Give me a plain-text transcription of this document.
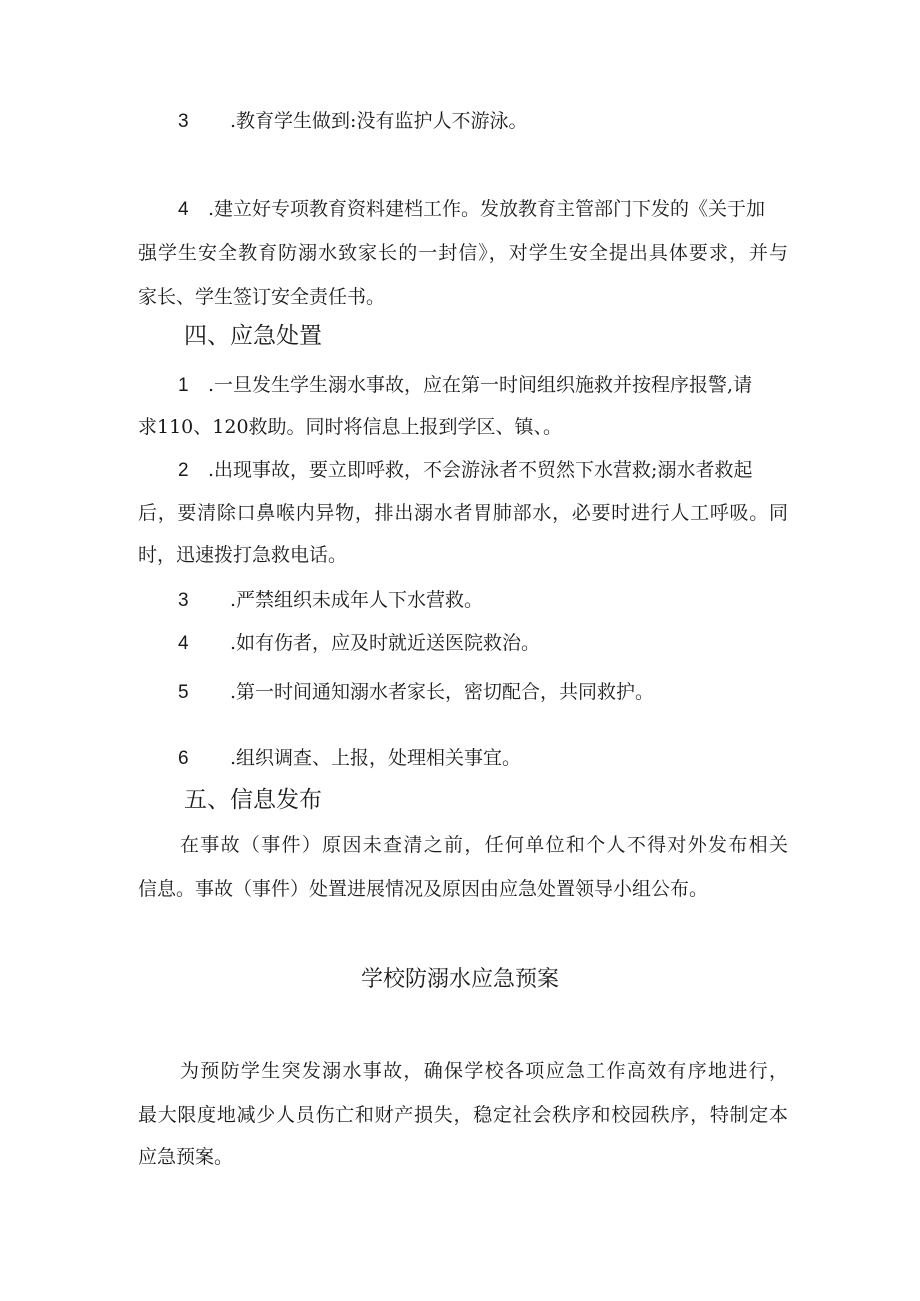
3 .教育学生做到:没有监护人不游泳。
4 .建立好专项教育资料建档工作。发放教育主管部门下发的《关于加
强学生安全教育防溺水致家长的一封信》，对学生安全提出具体要求，并与
家长、学生签订安全责任书。
四、应急处置
1 .一旦发生学生溺水事故，应在第一时间组织施救并按程序报警,请
求110、120救助。同时将信息上报到学区、镇、。
2 .出现事故，要立即呼救，不会游泳者不贸然下水营救;溺水者救起
后，要清除口鼻喉内异物，排出溺水者胃肺部水，必要时进行人工呼吸。同
时，迅速拨打急救电话。
3 .严禁组织未成年人下水营救。
4 .如有伤者，应及时就近送医院救治。
5 .第一时间通知溺水者家长，密切配合，共同救护。
6 .组织调查、上报，处理相关事宜。
五、信息发布
在事故（事件）原因未查清之前，任何单位和个人不得对外发布相关
信息。事故（事件）处置进展情况及原因由应急处置领导小组公布。
学校防溺水应急预案
为预防学生突发溺水事故，确保学校各项应急工作高效有序地进行，
最大限度地减少人员伤亡和财产损失，稳定社会秩序和校园秩序，特制定本
应急预案。
